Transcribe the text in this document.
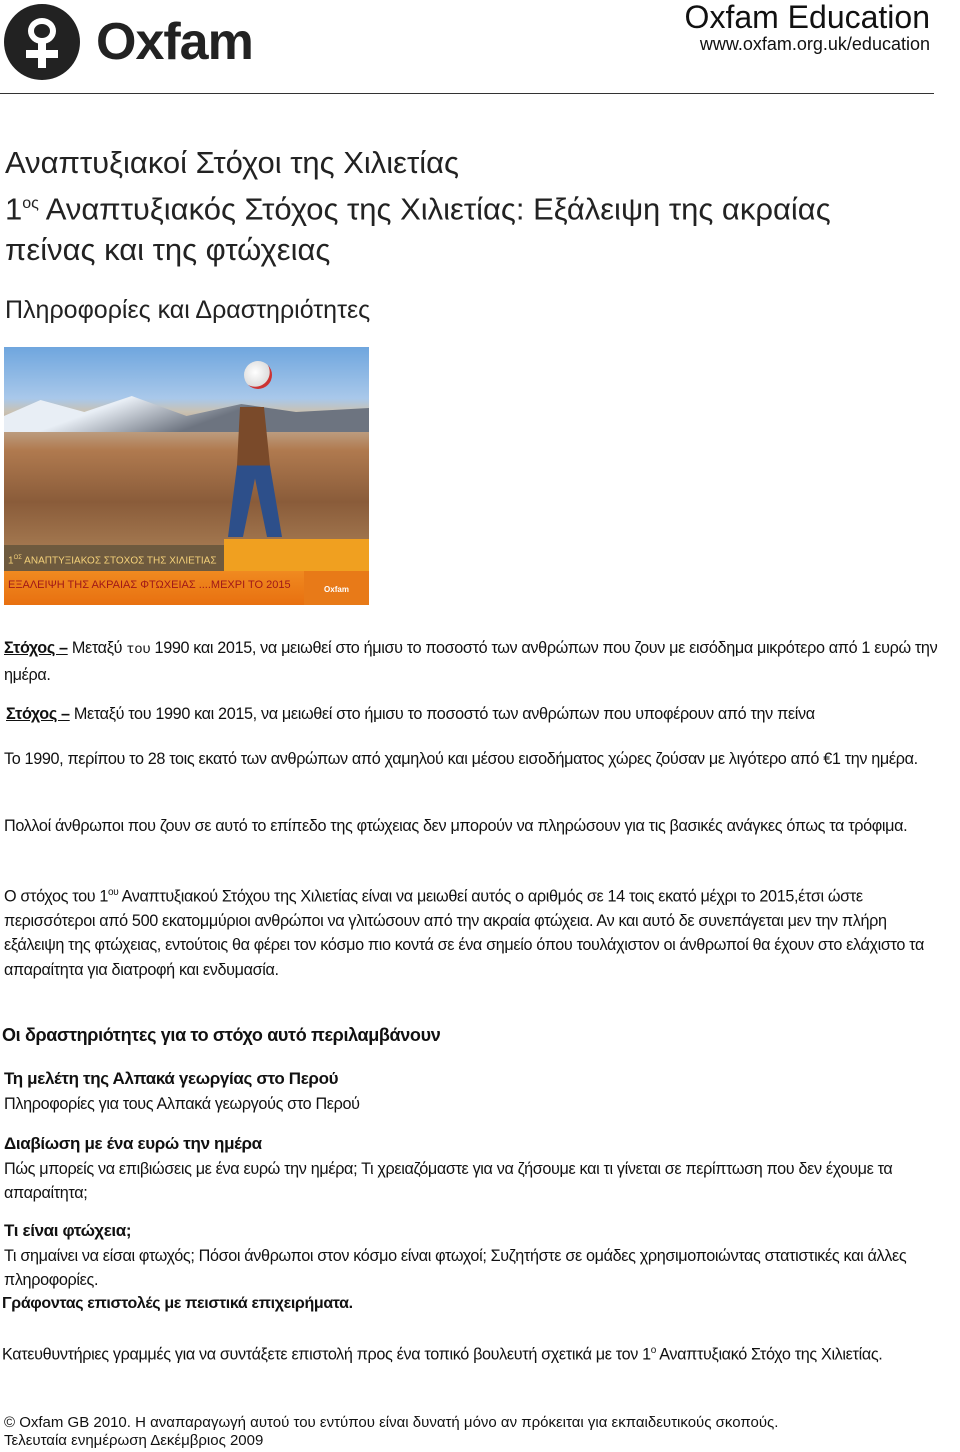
Oxfam	Oxfam Education
www.oxfam.org.uk/education
Αναπτυξιακοί Στόχοι της Χιλιετίας
$1^{o\varsigma}$ Αναπτυξιακός Στόχος της Χιλιετίας: Εξάλειψη της ακραίας πείνας και της φτώχειας
Πληροφορίες και Δραστηριότητες
$1^{O\Sigma}$ ΑΝΑΠΤΥΞΙΑΚΟΣ ΣΤΟΧΟΣ ΤΗΣ ΧΙΛΙΕΤΙΑΣ
ΕΞΑΛΕΙΨΗ ΤΗΣ ΑΚΡΑΙΑΣ ΦΤΩΧΕΙΑΣ ....ΜΕΧΡΙ ΤΟ 2015	Oxfam

Στόχος – Μεταξύ του 1990 και 2015, να μειωθεί στο ήμισυ το ποσοστό των ανθρώπων που ζουν με εισόδημα μικρότερο από 1 ευρώ την ημέρα.

Στόχος – Μεταξύ του 1990 και 2015, να μειωθεί στο ήμισυ το ποσοστό των ανθρώπων που υποφέρουν από την πείνα

Το 1990, περίπου το 28 τοις εκατό των ανθρώπων από χαμηλού και μέσου εισοδήματος χώρες ζούσαν με λιγότερο από €1 την ημέρα.
Πολλοί άνθρωποι που ζουν σε αυτό το επίπεδο της φτώχειας δεν μπορούν να πληρώσουν για τις βασικές ανάγκες όπως τα τρόφιμα.
Ο στόχος του $1^{o\upsilon}$ Αναπτυξιακού Στόχου της Χιλιετίας είναι να μειωθεί αυτός ο αριθμός σε 14 τοις εκατό μέχρι το 2015,έτσι ώστε περισσότεροι από 500 εκατομμύριοι ανθρώποι να γλιτώσουν από την ακραία φτώχεια. Αν και αυτό δε συνεπάγεται μεν την πλήρη εξάλειψη της φτώχειας, εντούτοις θα φέρει τον κόσμο πιο κοντά σε ένα σημείο όπου τουλάχιστον οι άνθρωποί θα έχουν στο ελάχιστο τα απαραίτητα για διατροφή και ενδυμασία.
Οι δραστηριότητες για το στόχο αυτό περιλαμβάνουν
Τη μελέτη της Αλπακά γεωργίας στο Περού
Πληροφορίες για τους Αλπακά γεωργούς στο Περού
Διαβίωση με ένα ευρώ την ημέρα
Πώς μπορείς να επιβιώσεις με ένα ευρώ την ημέρα; Τι χρειαζόμαστε για να ζήσουμε και τι γίνεται σε περίπτωση που δεν έχουμε τα απαραίτητα;
Τι είναι φτώχεια;
Τι σημαίνει να είσαι φτωχός; Πόσοι άνθρωποι στον κόσμο είναι φτωχοί; Συζητήστε σε ομάδες χρησιμοποιώντας στατιστικές και άλλες πληροφορίες.
Γράφοντας επιστολές με πειστικά επιχειρήματα.
Κατευθυντήριες γραμμές για να συντάξετε επιστολή προς ένα τοπικό βουλευτή σχετικά με τον $1^o$ Αναπτυξιακό Στόχο της Χιλιετίας.
© Oxfam GB 2010. Η αναπαραγωγή αυτού του εντύπου είναι δυνατή μόνο αν πρόκειται για εκπαιδευτικούς σκοπούς.
Τελευταία ενημέρωση Δεκέμβριος 2009
